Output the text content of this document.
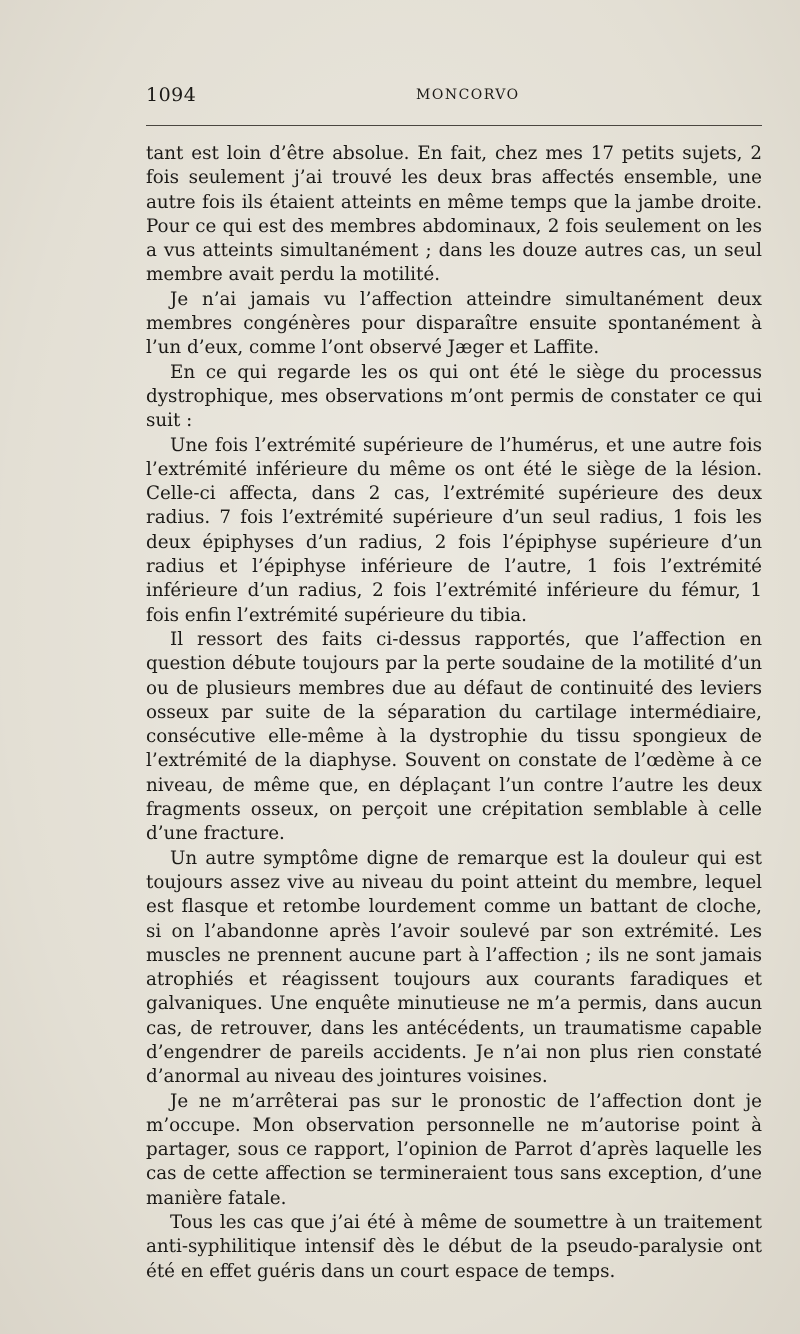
1094	MONCORVO

tant est loin d’être absolue. En fait, chez mes 17 petits sujets, 2 fois seulement j’ai trouvé les deux bras affectés ensemble, une autre fois ils étaient atteints en même temps que la jambe droite. Pour ce qui est des membres abdominaux, 2 fois seulement on les a vus atteints simultanément ; dans les douze autres cas, un seul membre avait perdu la motilité.

Je n’ai jamais vu l’affection atteindre simultanément deux membres congénères pour disparaître ensuite spontanément à l’un d’eux, comme l’ont observé Jæger et Laffite.

En ce qui regarde les os qui ont été le siège du processus dystrophique, mes observations m’ont permis de constater ce qui suit :

Une fois l’extrémité supérieure de l’humérus, et une autre fois l’extrémité inférieure du même os ont été le siège de la lésion. Celle-ci affecta, dans 2 cas, l’extrémité supérieure des deux radius. 7 fois l’extrémité supérieure d’un seul radius, 1 fois les deux épiphyses d’un radius, 2 fois l’épiphyse supérieure d’un radius et l’épiphyse inférieure de l’autre, 1 fois l’extrémité inférieure d’un radius, 2 fois l’extrémité inférieure du fémur, 1 fois enfin l’extrémité supérieure du tibia.

Il ressort des faits ci-dessus rapportés, que l’affection en question débute toujours par la perte soudaine de la motilité d’un ou de plusieurs membres due au défaut de continuité des leviers osseux par suite de la séparation du cartilage intermédiaire, consécutive elle-même à la dystrophie du tissu spongieux de l’extrémité de la diaphyse. Souvent on constate de l’œdème à ce niveau, de même que, en déplaçant l’un contre l’autre les deux fragments osseux, on perçoit une crépitation semblable à celle d’une fracture.

Un autre symptôme digne de remarque est la douleur qui est toujours assez vive au niveau du point atteint du membre, lequel est flasque et retombe lourdement comme un battant de cloche, si on l’abandonne après l’avoir soulevé par son extrémité. Les muscles ne prennent aucune part à l’affection ; ils ne sont jamais atrophiés et réagissent toujours aux courants faradiques et galvaniques. Une enquête minutieuse ne m’a permis, dans aucun cas, de retrouver, dans les antécédents, un traumatisme capable d’engendrer de pareils accidents. Je n’ai non plus rien constaté d’anormal au niveau des jointures voisines.

Je ne m’arrêterai pas sur le pronostic de l’affection dont je m’occupe. Mon observation personnelle ne m’autorise point à partager, sous ce rapport, l’opinion de Parrot d’après laquelle les cas de cette affection se termineraient tous sans exception, d’une manière fatale.

Tous les cas que j’ai été à même de soumettre à un traitement anti-syphilitique intensif dès le début de la pseudo-paralysie ont été en effet guéris dans un court espace de temps.
